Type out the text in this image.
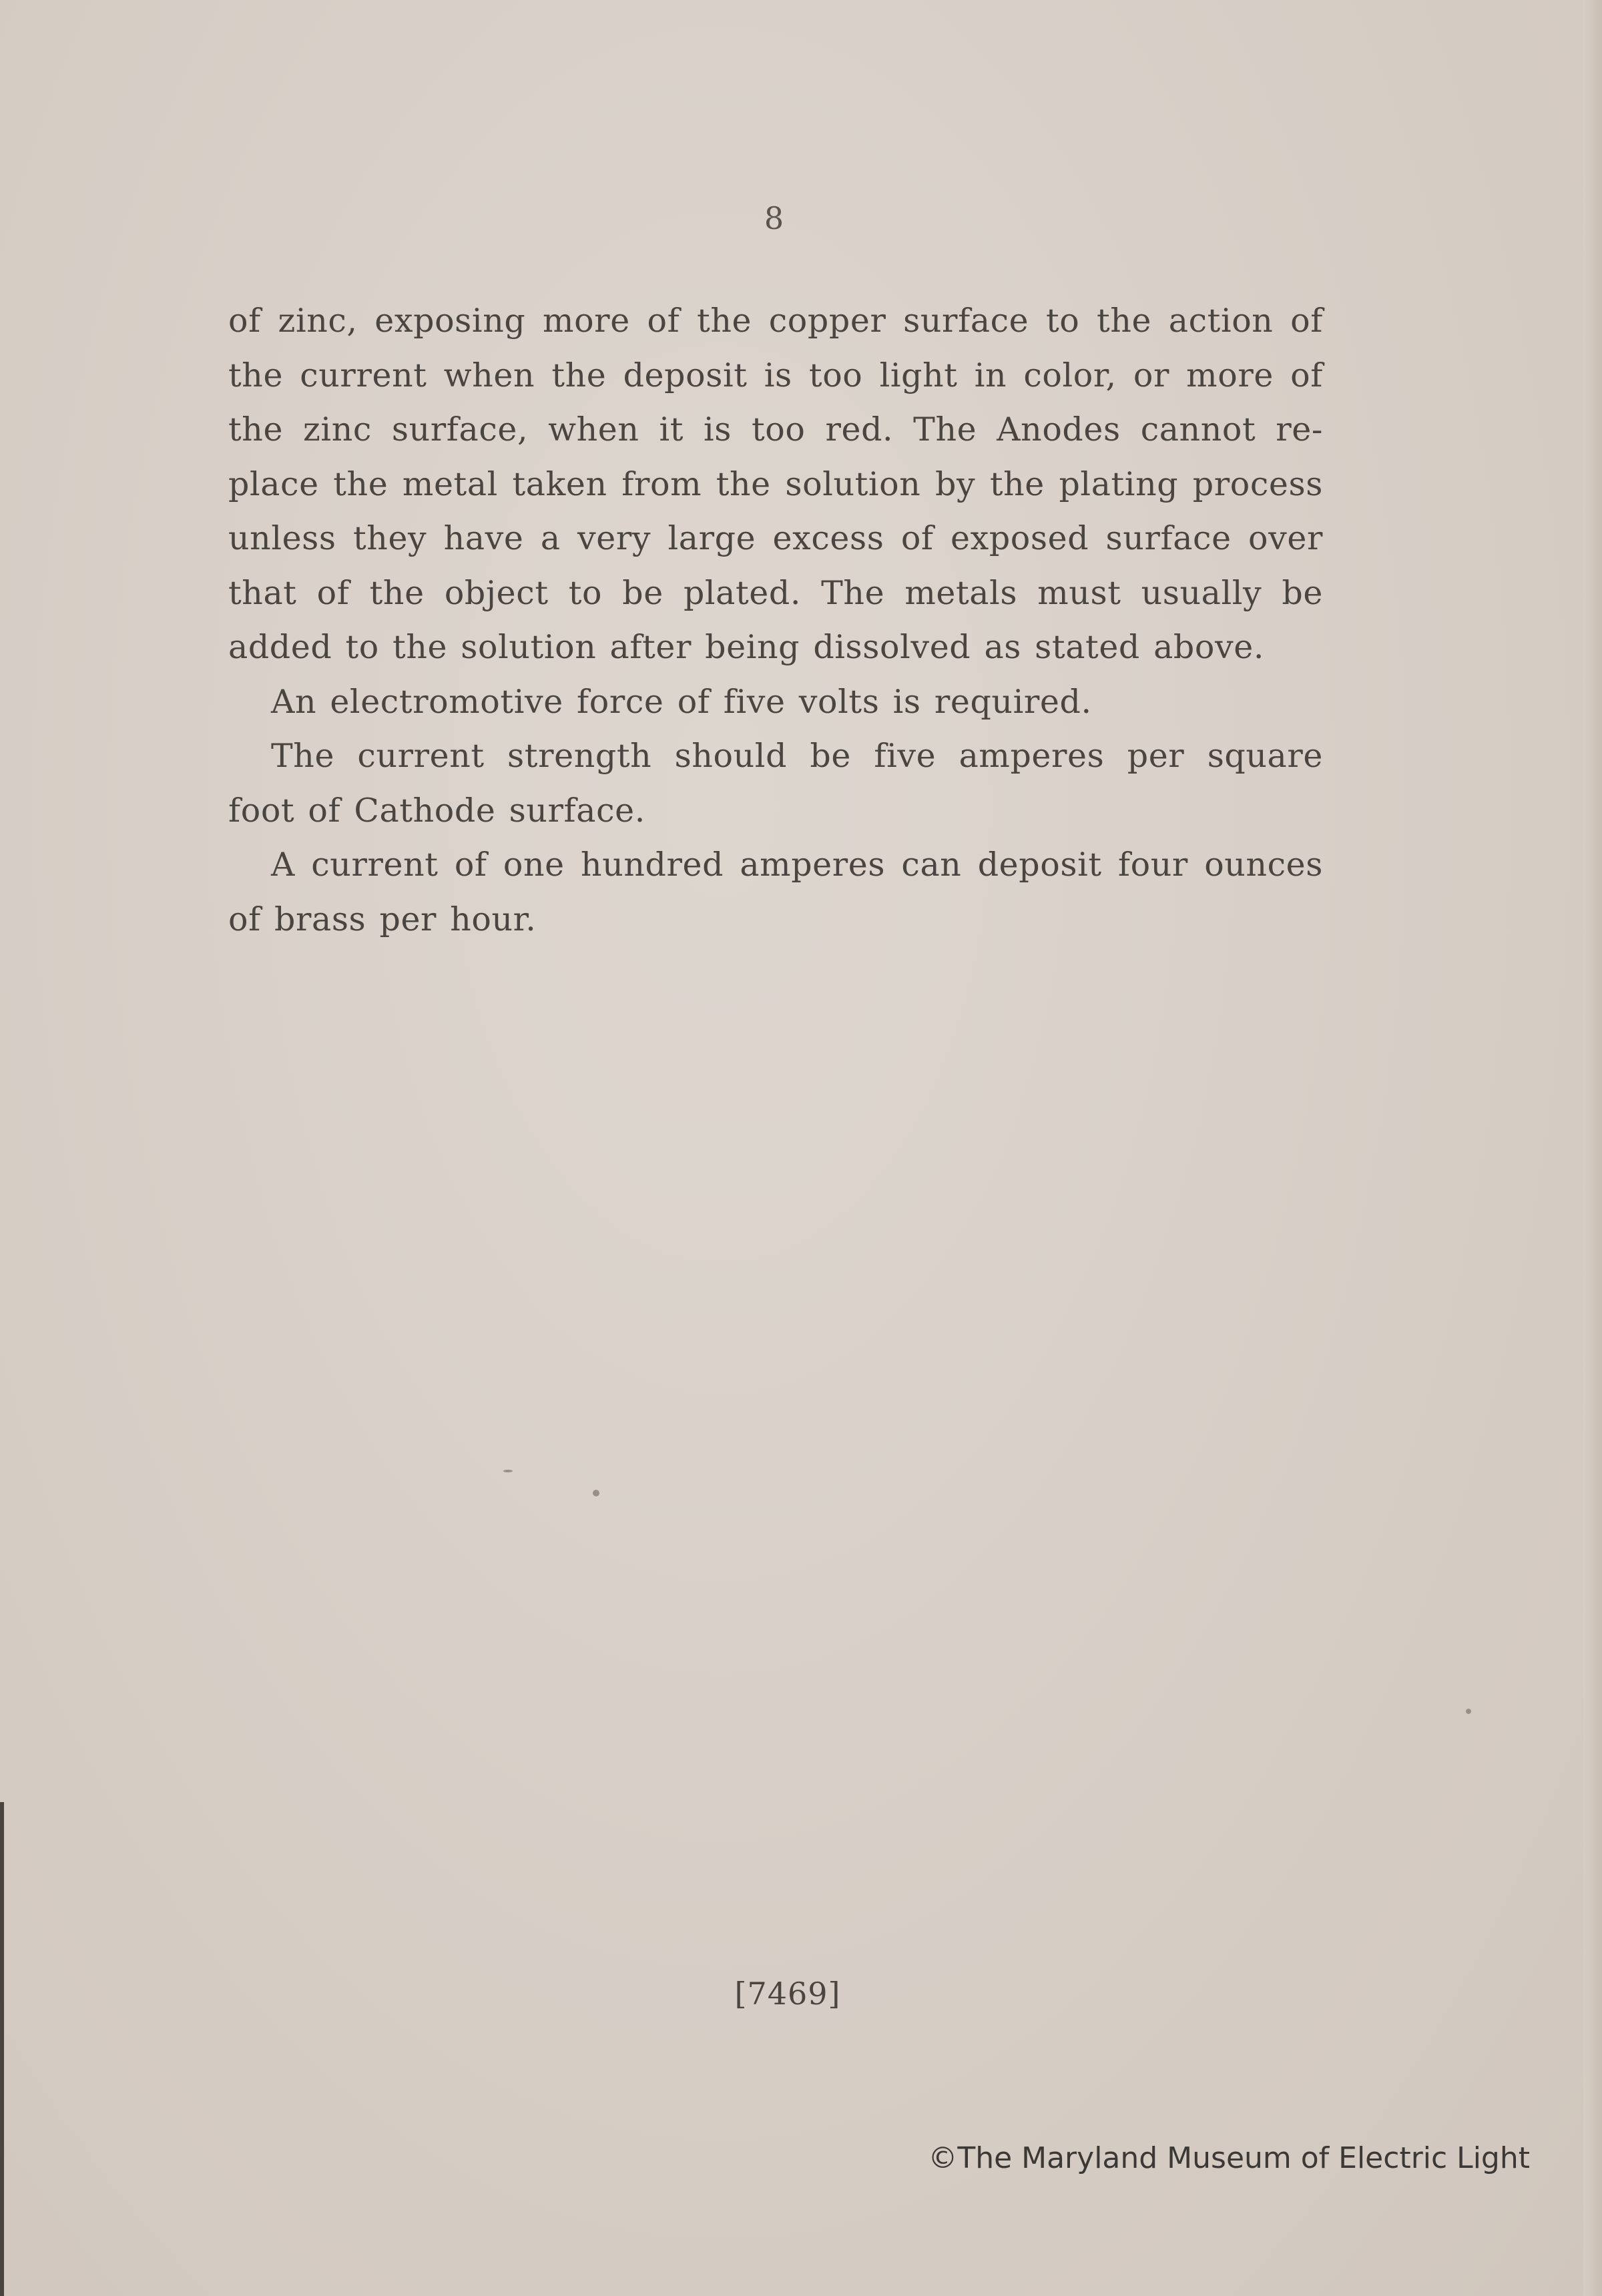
8

of zinc, exposing more of the copper surface to the action of the current when the deposit is too light in color, or more of the zinc surface, when it is too red. The Anodes cannot re-place the metal taken from the solution by the plating process unless they have a very large excess of exposed surface over that of the object to be plated. The metals must usually be added to the solution after being dissolved as stated above.

An electromotive force of five volts is required.

The current strength should be five amperes per square foot of Cathode surface.

A current of one hundred amperes can deposit four ounces of brass per hour.

[7469]
©The Maryland Museum of Electric Light
